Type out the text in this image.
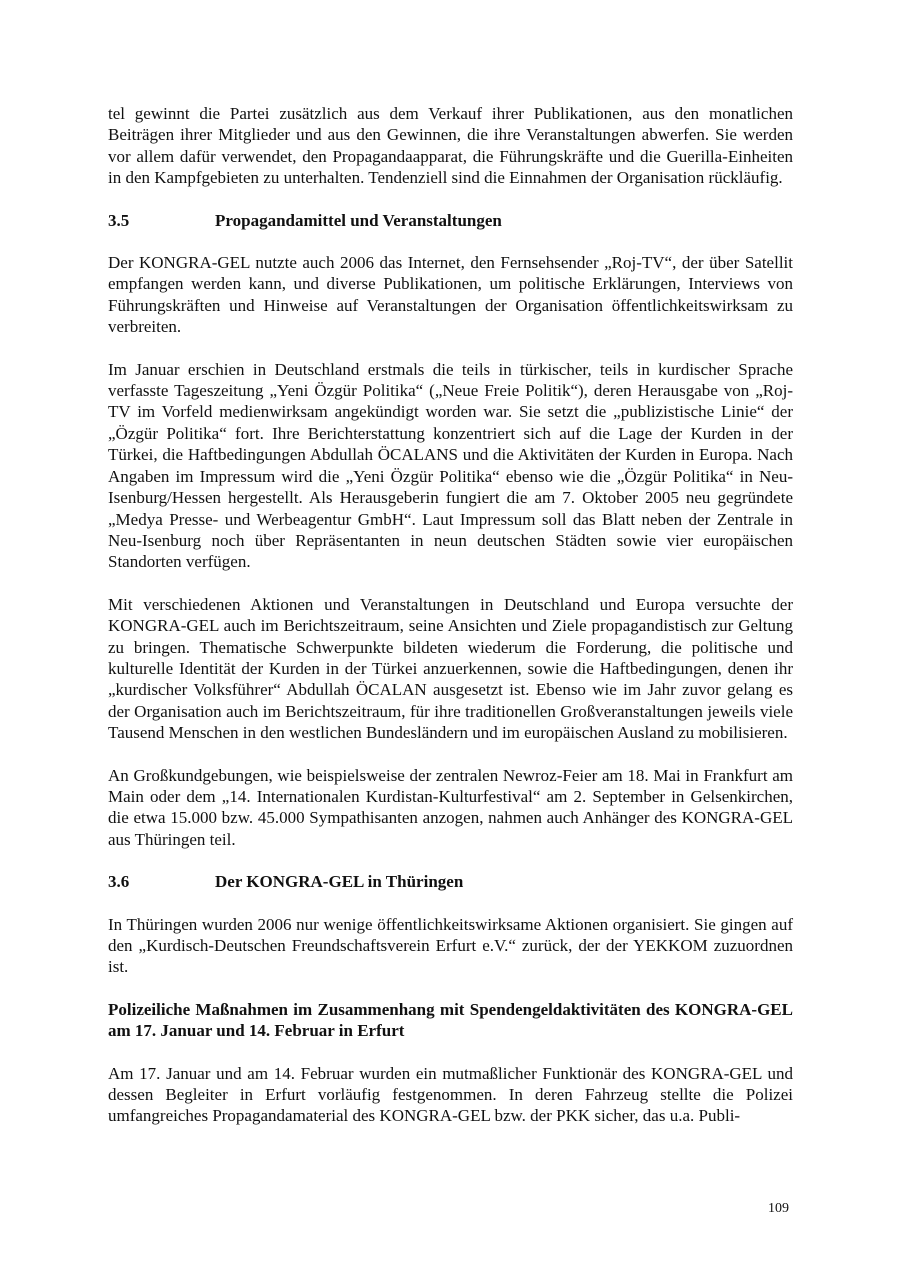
tel gewinnt die Partei zusätzlich aus dem Verkauf ihrer Publikationen, aus den monatlichen Beiträgen ihrer Mitglieder und aus den Gewinnen, die ihre Veranstaltungen abwerfen. Sie werden vor allem dafür verwendet, den Propagandaapparat, die Führungskräfte und die Guerilla-Einheiten in den Kampfgebieten zu unterhalten. Tendenziell sind die Einnahmen der Organisation rückläufig.

3.5	Propagandamittel und Veranstaltungen

Der KONGRA-GEL nutzte auch 2006 das Internet, den Fernsehsender „Roj-TV“, der über Satellit empfangen werden kann, und diverse Publikationen, um politische Erklärungen, Interviews von Führungskräften und Hinweise auf Veranstaltungen der Organisation öffentlichkeitswirksam zu verbreiten.

Im Januar erschien in Deutschland erstmals die teils in türkischer, teils in kurdischer Sprache verfasste Tageszeitung „Yeni Özgür Politika“ („Neue Freie Politik“), deren Herausgabe von „Roj-TV im Vorfeld medienwirksam angekündigt worden war. Sie setzt die „publizistische Linie“ der „Özgür Politika“ fort. Ihre Berichterstattung konzentriert sich auf die Lage der Kurden in der Türkei, die Haftbedingungen Abdullah ÖCALANS und die Aktivitäten der Kurden in Europa. Nach Angaben im Impressum wird die „Yeni Özgür Politika“ ebenso wie die „Özgür Politika“ in Neu-Isenburg/Hessen hergestellt. Als Herausgeberin fungiert die am 7. Oktober 2005 neu gegründete „Medya Presse- und Werbeagentur GmbH“. Laut Impressum soll das Blatt neben der Zentrale in Neu-Isenburg noch über Repräsentanten in neun deutschen Städten sowie vier europäischen Standorten verfügen.

Mit verschiedenen Aktionen und Veranstaltungen in Deutschland und Europa versuchte der KONGRA-GEL auch im Berichtszeitraum, seine Ansichten und Ziele propagandistisch zur Geltung zu bringen. Thematische Schwerpunkte bildeten wiederum die Forderung, die politische und kulturelle Identität der Kurden in der Türkei anzuerkennen, sowie die Haftbedingungen, denen ihr „kurdischer Volksführer“ Abdullah ÖCALAN ausgesetzt ist. Ebenso wie im Jahr zuvor gelang es der Organisation auch im Berichtszeitraum, für ihre traditionellen Großveranstaltungen jeweils viele Tausend Menschen in den westlichen Bundesländern und im europäischen Ausland zu mobilisieren.

An Großkundgebungen, wie beispielsweise der zentralen Newroz-Feier am 18. Mai in Frankfurt am Main oder dem „14. Internationalen Kurdistan-Kulturfestival“ am 2. September in Gelsenkirchen, die etwa 15.000 bzw. 45.000 Sympathisanten anzogen, nahmen auch Anhänger des KONGRA-GEL aus Thüringen teil.

3.6	Der KONGRA-GEL in Thüringen

In Thüringen wurden 2006 nur wenige öffentlichkeitswirksame Aktionen organisiert. Sie gingen auf den „Kurdisch-Deutschen Freundschaftsverein Erfurt e.V.“ zurück, der der YEKKOM zuzuordnen ist.

Polizeiliche Maßnahmen im Zusammenhang mit Spendengeldaktivitäten des KONGRA-GEL am 17. Januar und 14. Februar in Erfurt

Am 17. Januar und am 14. Februar wurden ein mutmaßlicher Funktionär des KONGRA-GEL und dessen Begleiter in Erfurt vorläufig festgenommen. In deren Fahrzeug stellte die Polizei umfangreiches Propagandamaterial des KONGRA-GEL bzw. der PKK sicher, das u.a. Publi-

109
